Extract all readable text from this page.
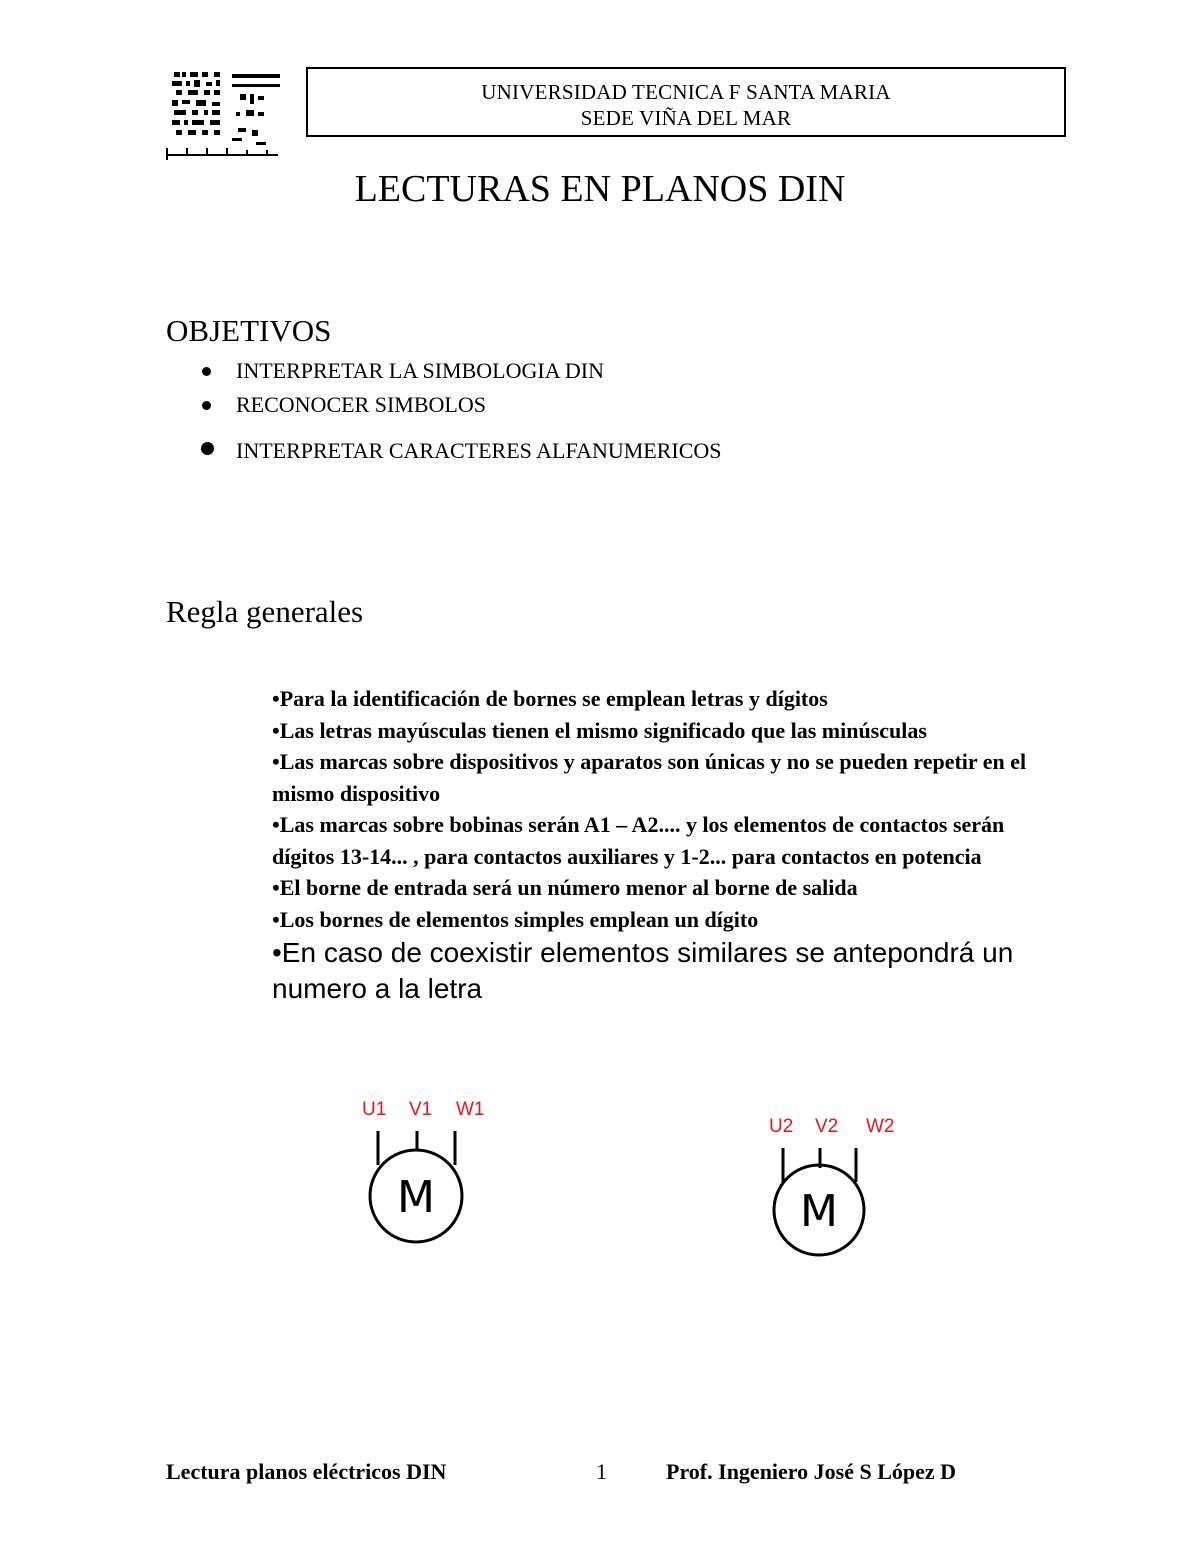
UNIVERSIDAD TECNICA F SANTA MARIA
SEDE VIÑA DEL MAR
LECTURAS EN PLANOS DIN
OBJETIVOS
INTERPRETAR LA SIMBOLOGIA DIN
RECONOCER SIMBOLOS
INTERPRETAR CARACTERES ALFANUMERICOS
Regla generales
•Para la identificación de bornes se emplean letras y dígitos
•Las letras mayúsculas tienen el mismo significado que las minúsculas
•Las marcas sobre dispositivos y aparatos son únicas y no se pueden repetir en el mismo dispositivo
•Las marcas sobre bobinas serán A1 – A2.... y los elementos de contactos serán dígitos 13-14... , para contactos auxiliares y 1-2... para contactos en potencia
•El borne de entrada será un número menor al borne de salida
•Los bornes de elementos simples emplean un dígito
•En caso de coexistir elementos similares se antepondrá un numero a la letra
U1 V1 W1
M
U2 V2 W2
M
Lectura planos eléctricos DIN	1	Prof. Ingeniero José S López D
